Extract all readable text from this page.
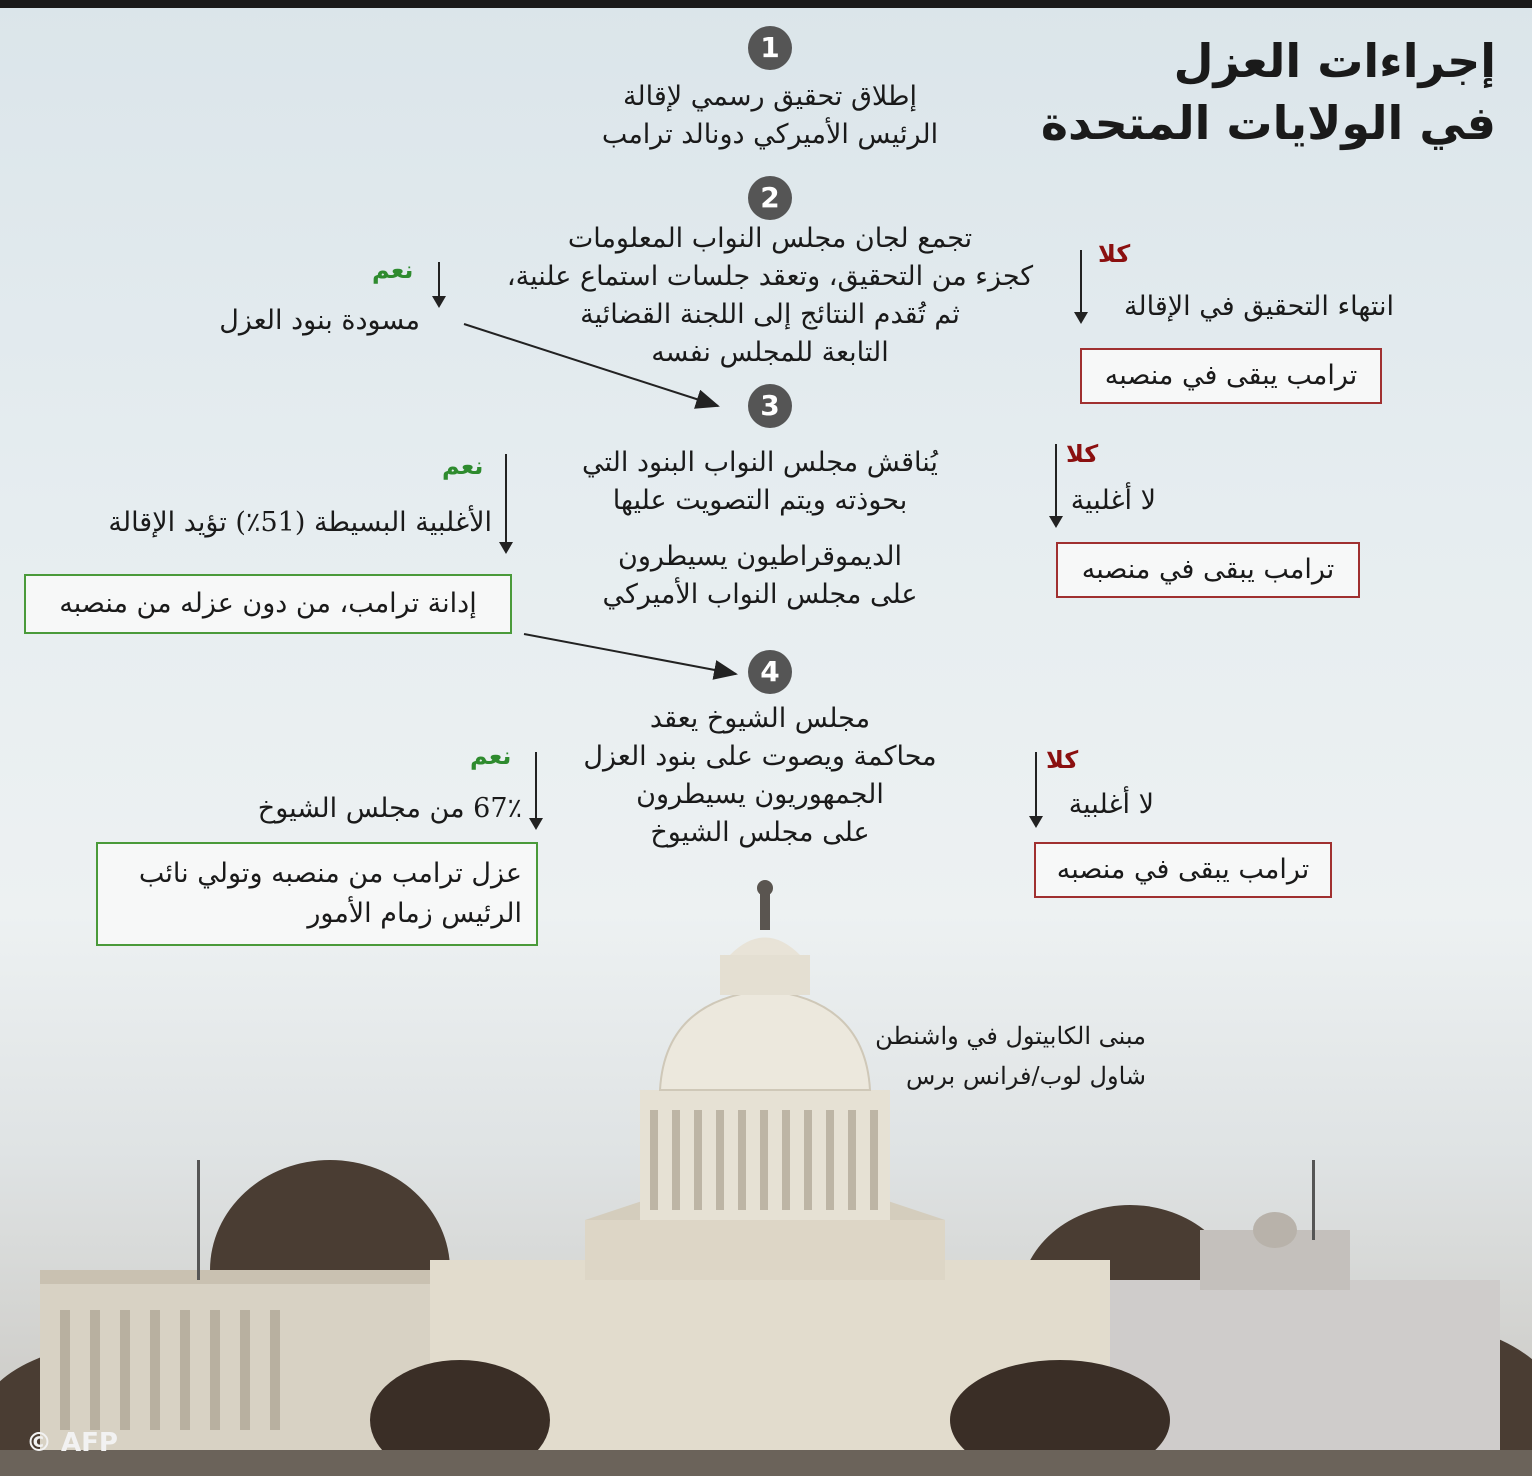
إجراءات العزل
في الولايات المتحدة
1
إطلاق تحقيق رسمي لإقالة
الرئيس الأميركي دونالد ترامب
2
تجمع لجان مجلس النواب المعلومات
كجزء من التحقيق، وتعقد جلسات استماع علنية،
ثم تُقدم النتائج إلى اللجنة القضائية
التابعة للمجلس نفسه
نعم
مسودة بنود العزل
كلا
انتهاء التحقيق في الإقالة
ترامب يبقى في منصبه
3
يُناقش مجلس النواب البنود التي
بحوذته ويتم التصويت عليها
الديموقراطيون يسيطرون
على مجلس النواب الأميركي
نعم
الأغلبية البسيطة (51٪) تؤيد الإقالة
إدانة ترامب، من دون عزله من منصبه
كلا
لا أغلبية
ترامب يبقى في منصبه
4
مجلس الشيوخ يعقد
محاكمة ويصوت على بنود العزل
الجمهوريون يسيطرون
على مجلس الشيوخ
نعم
67٪ من مجلس الشيوخ
عزل ترامب من منصبه وتولي نائب
الرئيس زمام الأمور
كلا
لا أغلبية
ترامب يبقى في منصبه
مبنى الكابيتول في واشنطن
شاول لوب/فرانس برس
© AFP
